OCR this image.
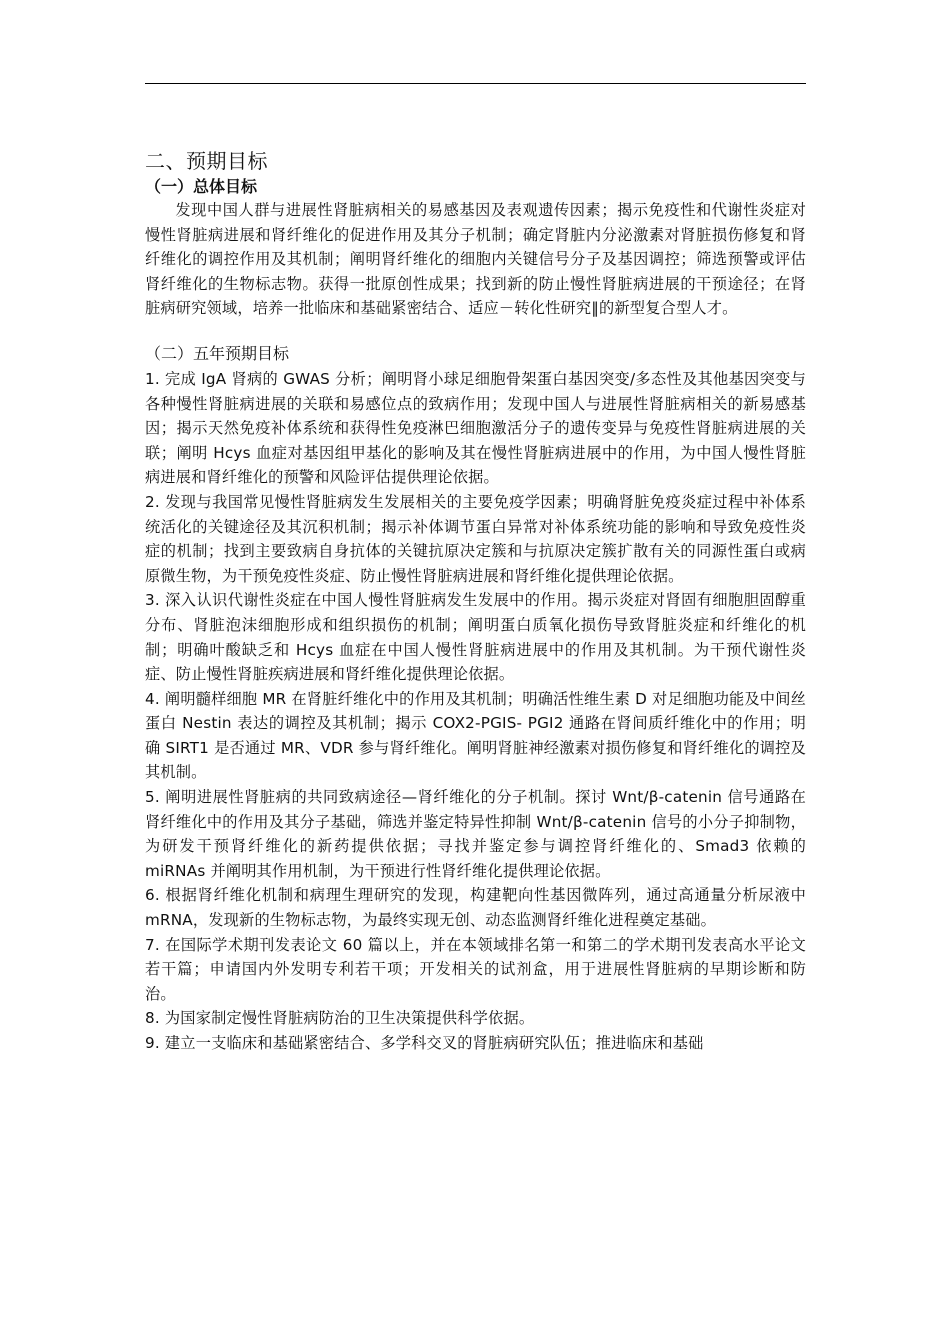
二、预期目标
（一）总体目标

发现中国人群与进展性肾脏病相关的易感基因及表观遗传因素；揭示免疫性和代谢性炎症对慢性肾脏病进展和肾纤维化的促进作用及其分子机制；确定肾脏内分泌激素对肾脏损伤修复和肾纤维化的调控作用及其机制；阐明肾纤维化的细胞内关键信号分子及基因调控；筛选预警或评估肾纤维化的生物标志物。获得一批原创性成果；找到新的防止慢性肾脏病进展的干预途径；在肾脏病研究领域，培养一批临床和基础紧密结合、适应－转化性研究‖的新型复合型人才。

（二）五年预期目标

1. 完成 IgA 肾病的 GWAS 分析；阐明肾小球足细胞骨架蛋白基因突变/多态性及其他基因突变与各种慢性肾脏病进展的关联和易感位点的致病作用；发现中国人与进展性肾脏病相关的新易感基因；揭示天然免疫补体系统和获得性免疫淋巴细胞激活分子的遗传变异与免疫性肾脏病进展的关联；阐明 Hcys 血症对基因组甲基化的影响及其在慢性肾脏病进展中的作用，为中国人慢性肾脏病进展和肾纤维化的预警和风险评估提供理论依据。

2. 发现与我国常见慢性肾脏病发生发展相关的主要免疫学因素；明确肾脏免疫炎症过程中补体系统活化的关键途径及其沉积机制；揭示补体调节蛋白异常对补体系统功能的影响和导致免疫性炎症的机制；找到主要致病自身抗体的关键抗原决定簇和与抗原决定簇扩散有关的同源性蛋白或病原微生物，为干预免疫性炎症、防止慢性肾脏病进展和肾纤维化提供理论依据。

3. 深入认识代谢性炎症在中国人慢性肾脏病发生发展中的作用。揭示炎症对肾固有细胞胆固醇重分布、肾脏泡沫细胞形成和组织损伤的机制；阐明蛋白质氧化损伤导致肾脏炎症和纤维化的机制；明确叶酸缺乏和 Hcys 血症在中国人慢性肾脏病进展中的作用及其机制。为干预代谢性炎症、防止慢性肾脏疾病进展和肾纤维化提供理论依据。

4. 阐明髓样细胞 MR 在肾脏纤维化中的作用及其机制；明确活性维生素 D 对足细胞功能及中间丝蛋白 Nestin 表达的调控及其机制；揭示 COX2-PGIS- PGI2 通路在肾间质纤维化中的作用；明确 SIRT1 是否通过 MR、VDR 参与肾纤维化。阐明肾脏神经激素对损伤修复和肾纤维化的调控及其机制。

5. 阐明进展性肾脏病的共同致病途径—肾纤维化的分子机制。探讨 Wnt/β-catenin 信号通路在肾纤维化中的作用及其分子基础，筛选并鉴定特异性抑制 Wnt/β-catenin 信号的小分子抑制物，为研发干预肾纤维化的新药提供依据；寻找并鉴定参与调控肾纤维化的、Smad3 依赖的 miRNAs 并阐明其作用机制，为干预进行性肾纤维化提供理论依据。

6. 根据肾纤维化机制和病理生理研究的发现，构建靶向性基因微阵列，通过高通量分析尿液中 mRNA，发现新的生物标志物，为最终实现无创、动态监测肾纤维化进程奠定基础。

7. 在国际学术期刊发表论文 60 篇以上，并在本领域排名第一和第二的学术期刊发表高水平论文若干篇；申请国内外发明专利若干项；开发相关的试剂盒，用于进展性肾脏病的早期诊断和防治。

8. 为国家制定慢性肾脏病防治的卫生决策提供科学依据。

9. 建立一支临床和基础紧密结合、多学科交叉的肾脏病研究队伍；推进临床和基础
